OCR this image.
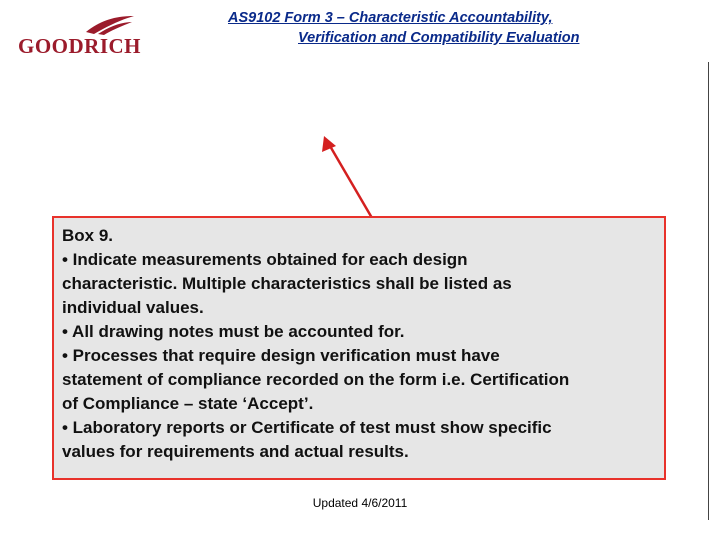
GOODRICH
AS9102 Form 3 – Characteristic Accountability,
Verification and Compatibility Evaluation
Box 9.
• Indicate measurements obtained for each design
characteristic. Multiple characteristics shall be listed as
individual values.
• All drawing notes must be accounted for.
• Processes that require design verification must have
statement of compliance recorded on the form i.e. Certification
of Compliance – state ‘Accept’.
• Laboratory reports or Certificate of test must show specific
values for requirements and actual results.
Updated 4/6/2011
